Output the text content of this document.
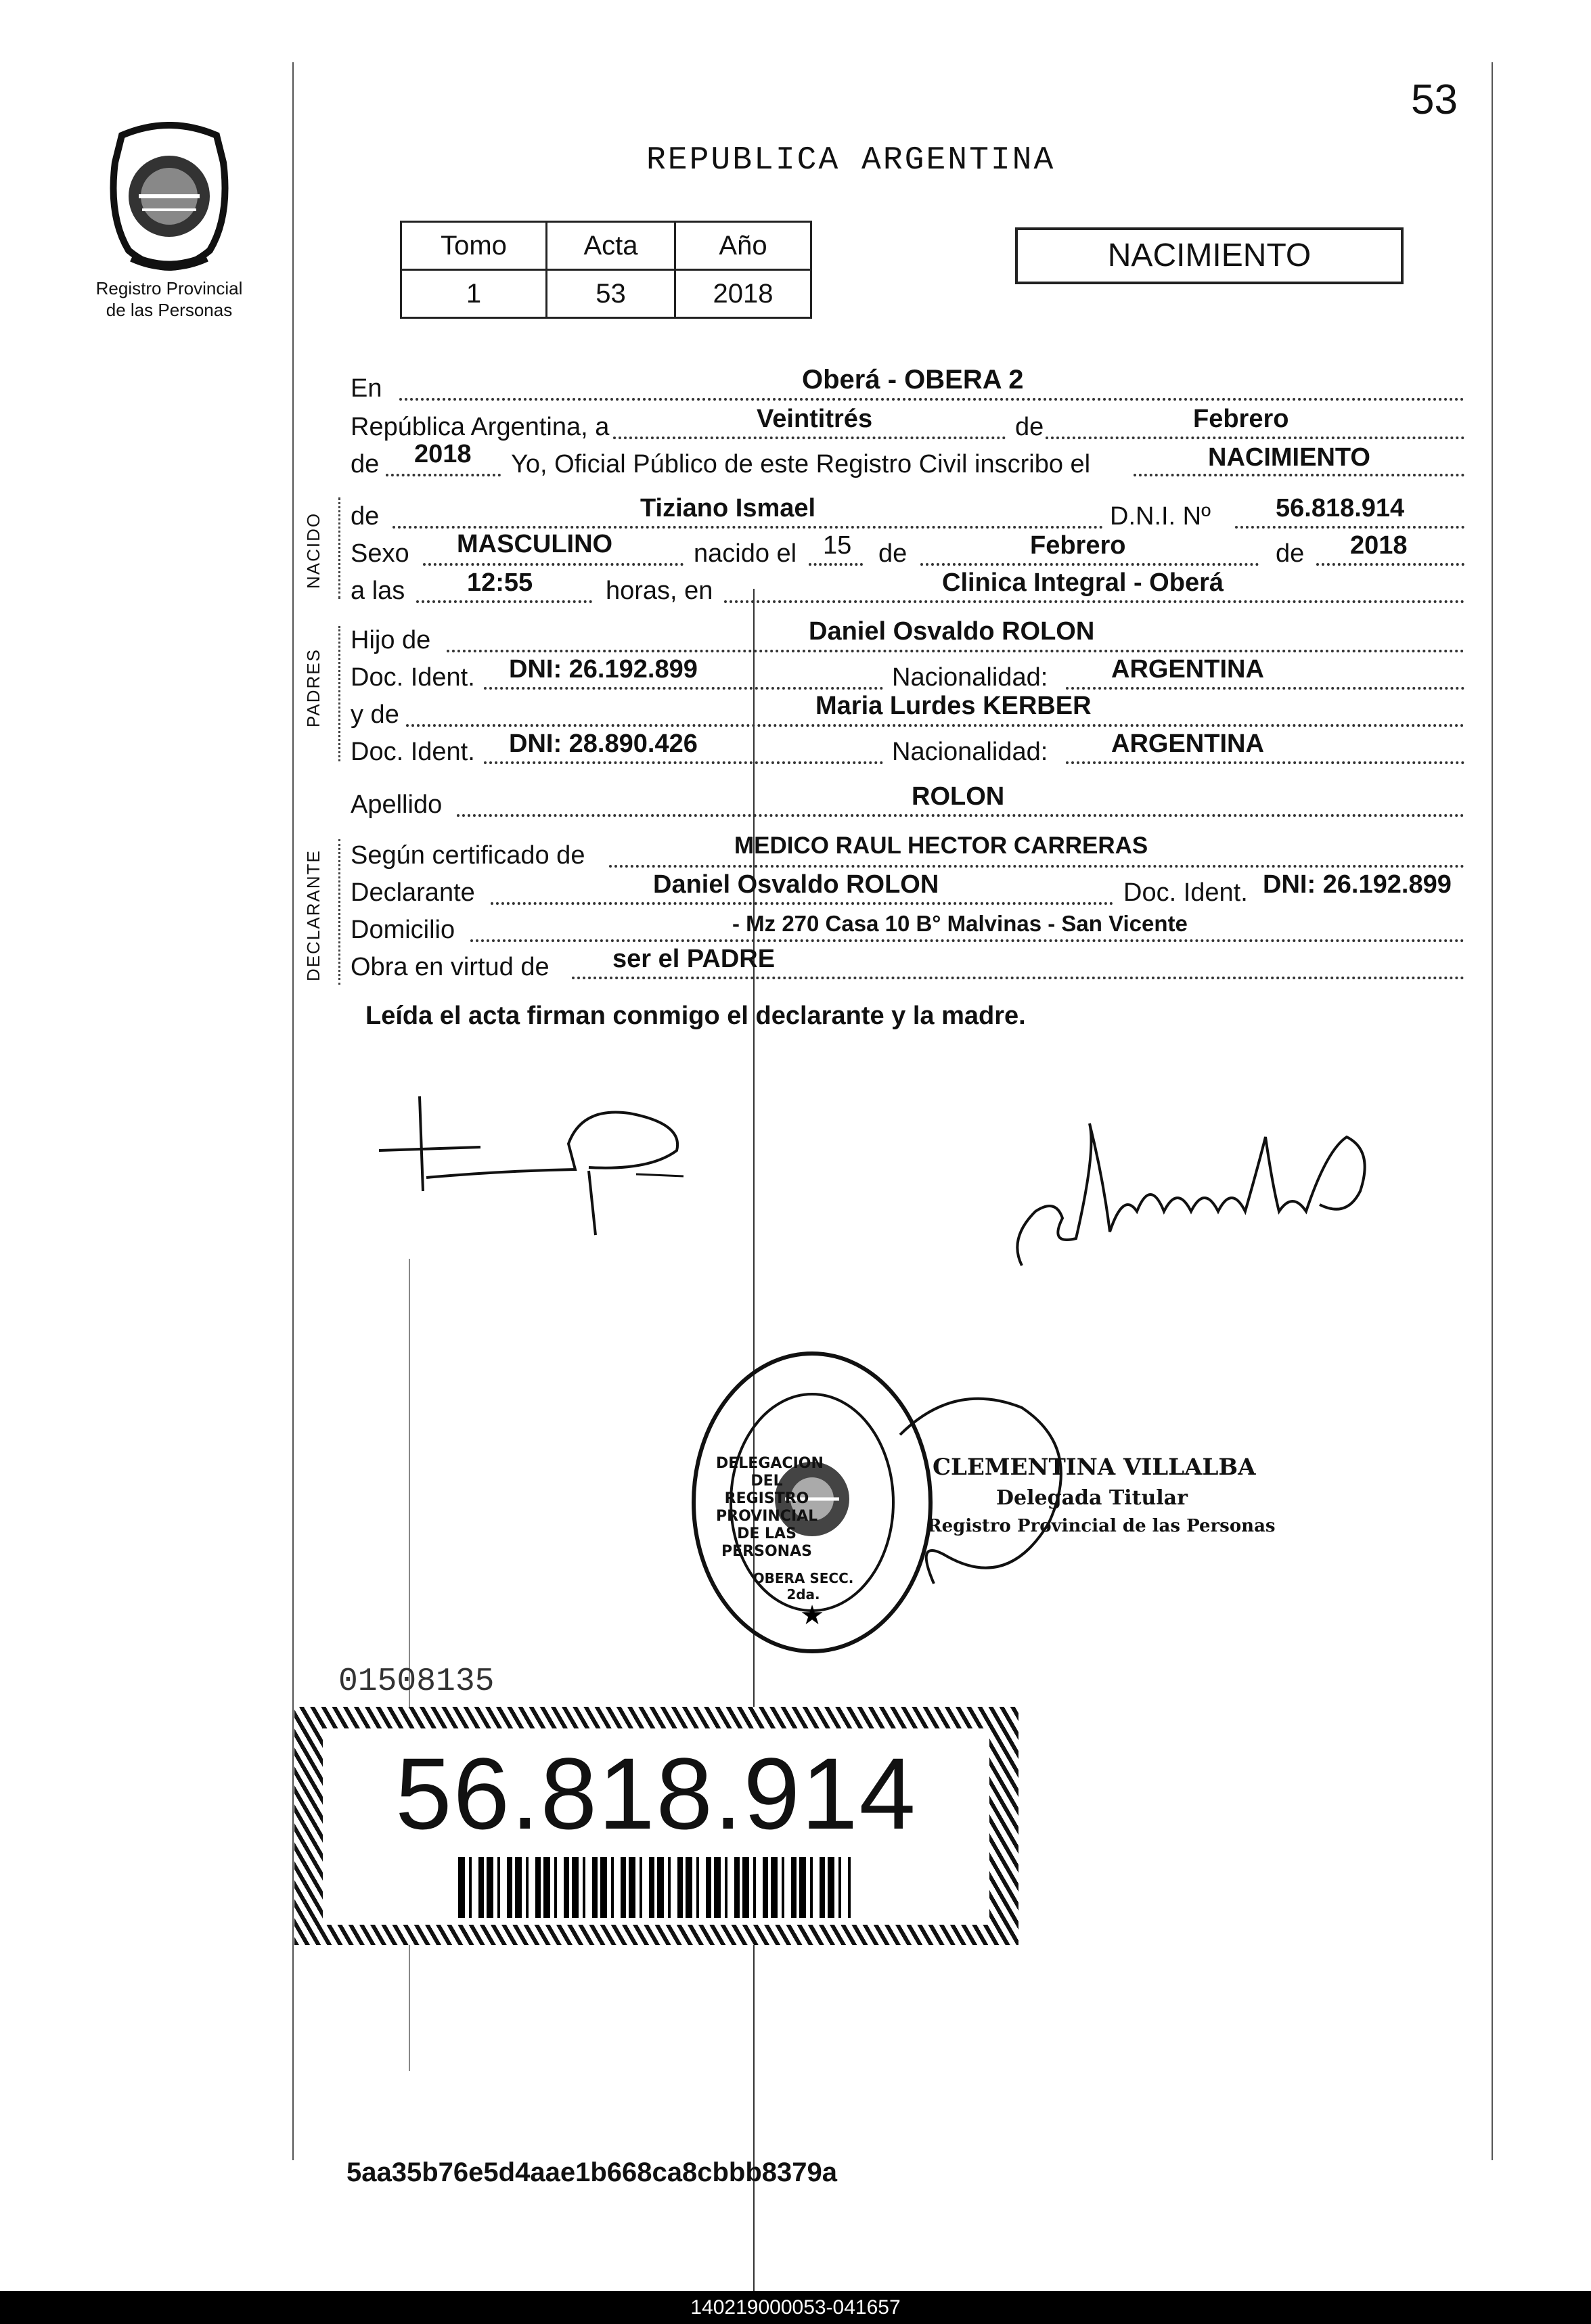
53
Registro Provincial
de las Personas
REPUBLICA ARGENTINA
Tomo	Acta	Año
1	53	2018
NACIMIENTO
NACIDO
PADRES
DECLARANTE
En	Oberá - OBERA 2
República Argentina, a	Veintitrés	de	Febrero
de 2018 Yo, Oficial Público de este Registro Civil inscribo el	NACIMIENTO
de	Tiziano Ismael	D.N.I. Nº	56.818.914
Sexo MASCULINO	nacido el 15 de	Febrero	de 2018
a las 12:55	horas, en	Clinica Integral - Oberá
Hijo de	Daniel Osvaldo ROLON
Doc. Ident. DNI: 26.192.899	Nacionalidad: ARGENTINA
y de	Maria Lurdes KERBER
Doc. Ident. DNI: 28.890.426	Nacionalidad: ARGENTINA
Apellido	ROLON
Según certificado de	MEDICO RAUL HECTOR CARRERAS
Declarante	Daniel Osvaldo ROLON	Doc. Ident. DNI: 26.192.899
Domicilio	- Mz 270 Casa 10 B° Malvinas - San Vicente
Obra en virtud de ser el PADRE
Leída el acta firman conmigo el declarante y la madre.
★
DELEGACION DEL REGISTRO PROVINCIAL DE LAS PERSONAS
OBERA SECC. 2da.
CLEMENTINA VILLALBA
Delegada Titular
Registro Provincial de las Personas
01508135
56.818.914
5aa35b76e5d4aae1b668ca8cbbb8379a
140219000053-041657
